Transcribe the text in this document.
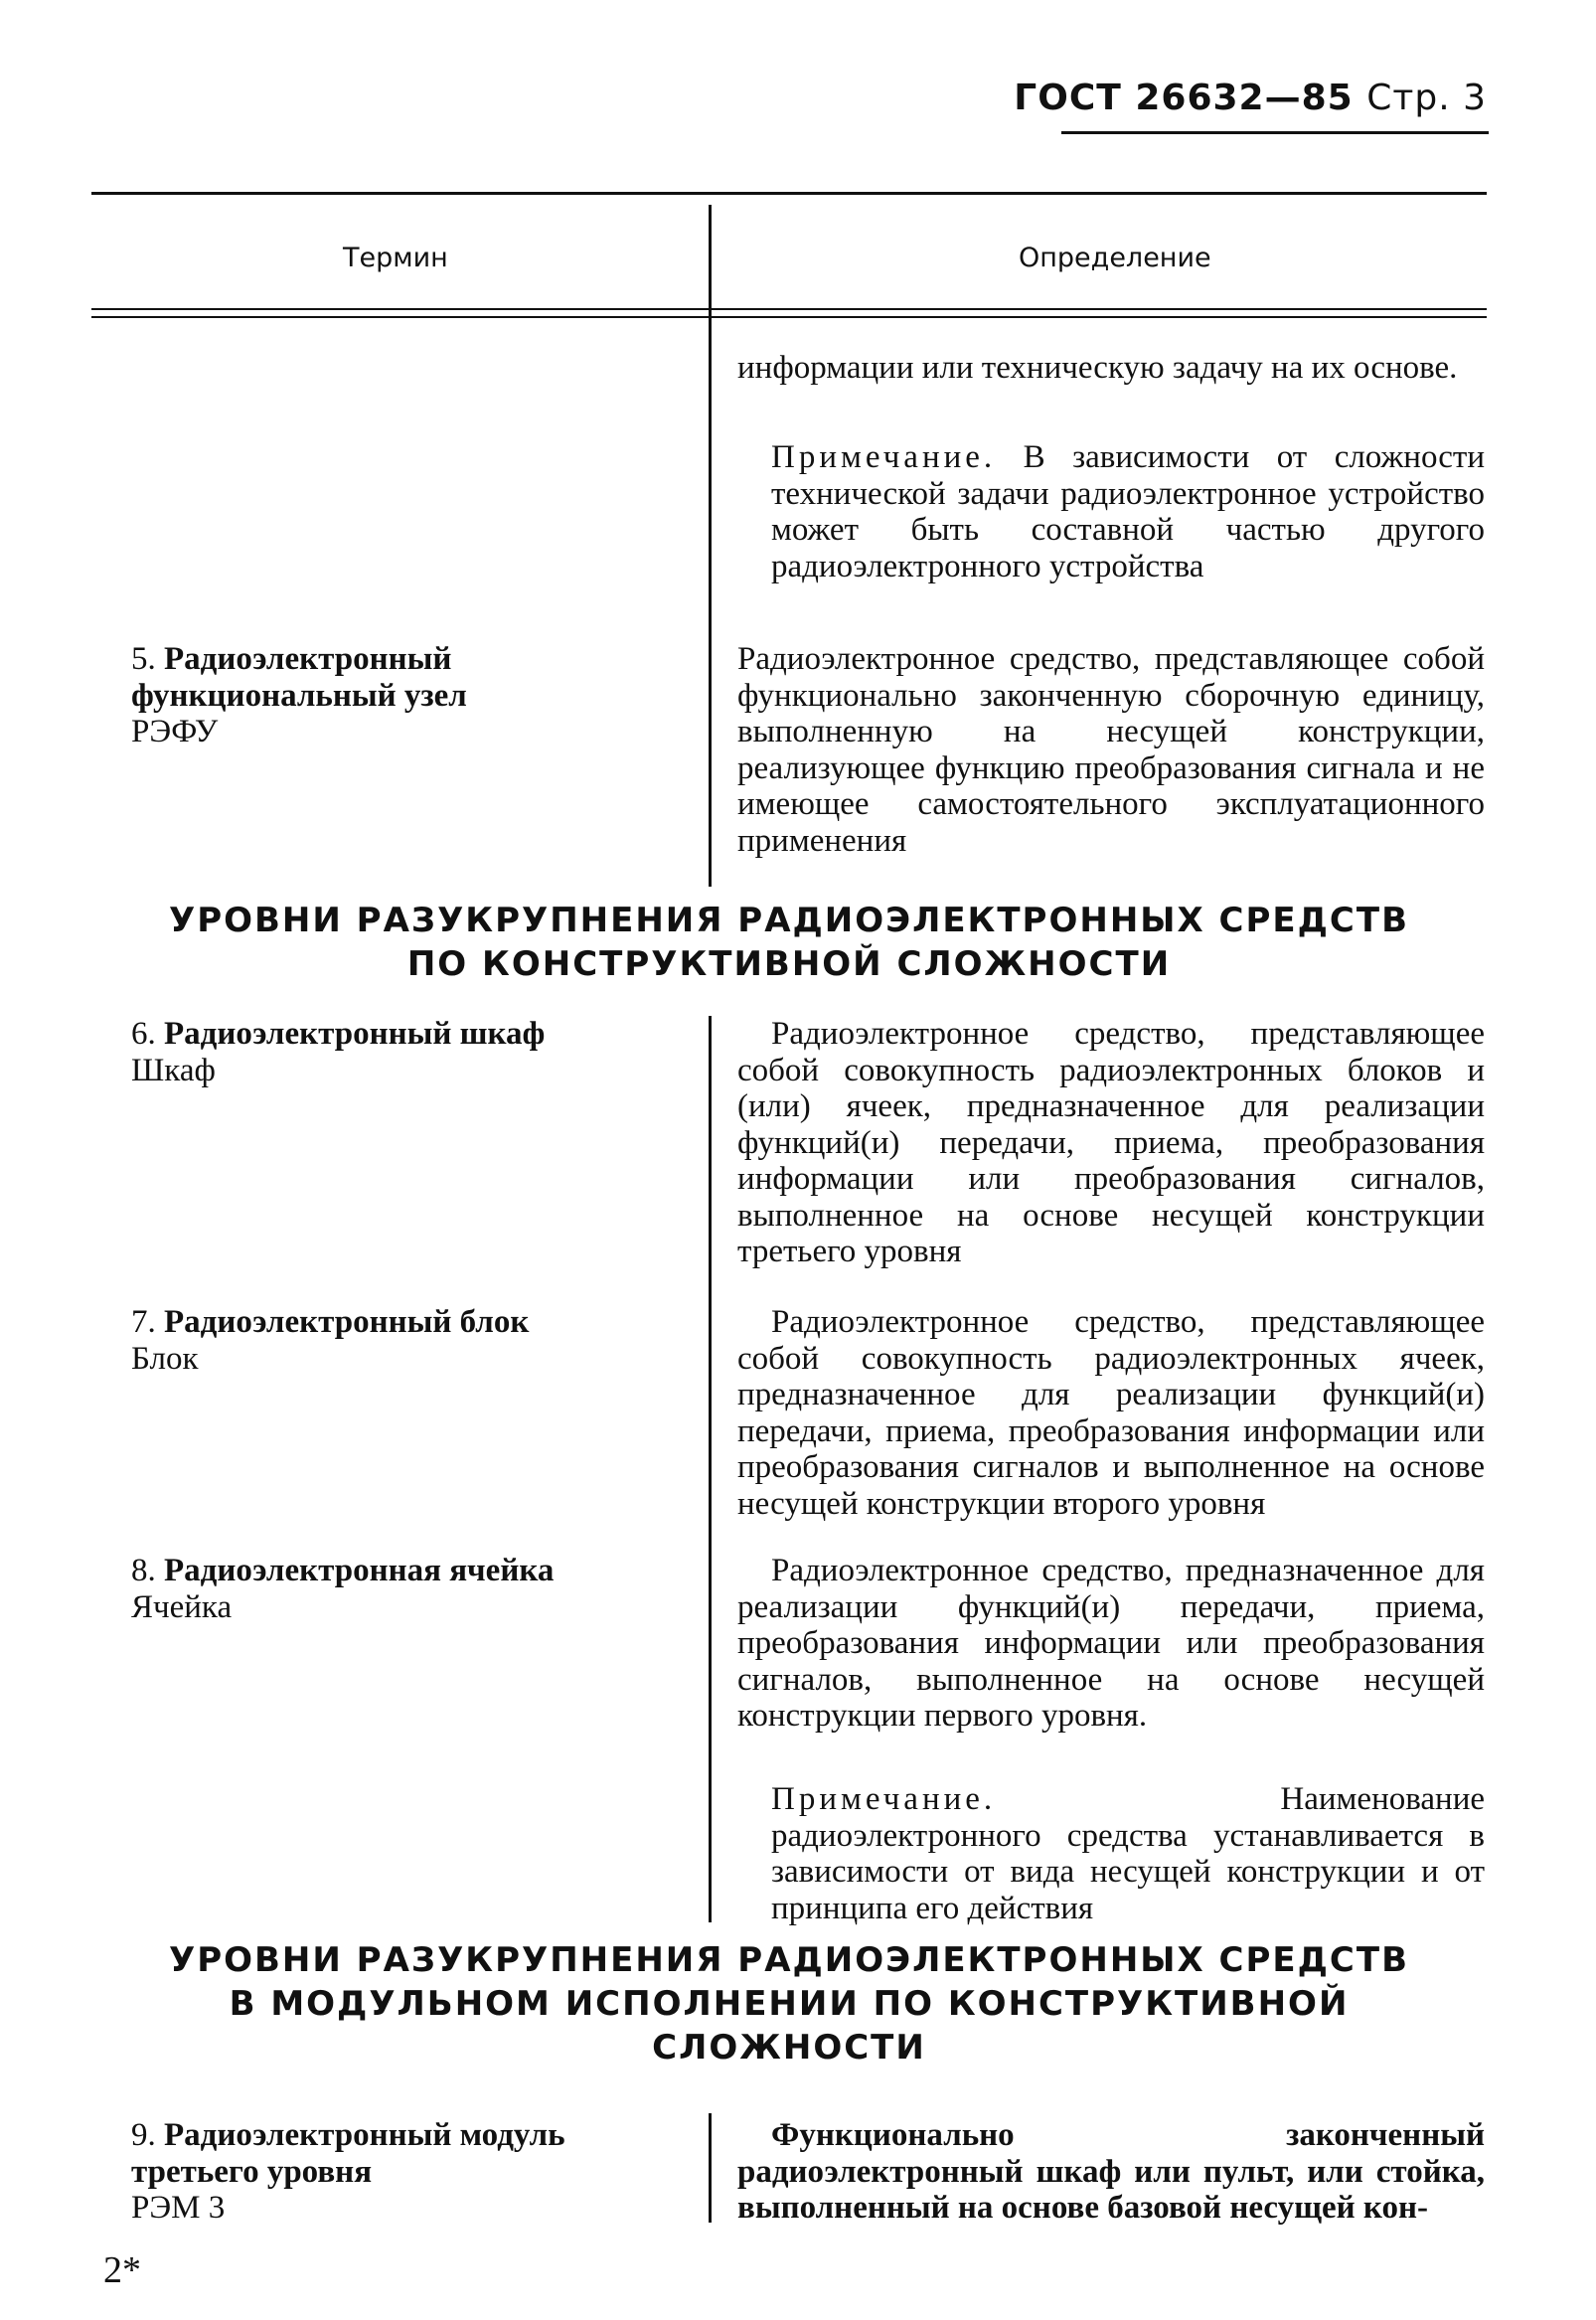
ГОСТ 26632—85 Стр. 3
Термин	Определение
информации или техническую задачу на их основе.
Примечание. В зависимости от сложности технической задачи радиоэлектронное устройство может быть составной частью другого радиоэлектронного устройства
5. Радиоэлектронный функциональный узел
РЭФУ
Радиоэлектронное средство, представляющее собой функционально законченную сборочную единицу, выполненную на несущей конструкции, реализующее функцию преобразования сигнала и не имеющее самостоятельного эксплуатационного применения
УРОВНИ РАЗУКРУПНЕНИЯ РАДИОЭЛЕКТРОННЫХ СРЕДСТВ
ПО КОНСТРУКТИВНОЙ СЛОЖНОСТИ
6. Радиоэлектронный шкаф
Шкаф
Радиоэлектронное средство, представляющее собой совокупность радиоэлектронных блоков и (или) ячеек, предназначенное для реализации функций(и) передачи, приема, преобразования информации или преобразования сигналов, выполненное на основе несущей конструкции третьего уровня
7. Радиоэлектронный блок
Блок
Радиоэлектронное средство, представляющее собой совокупность радиоэлектронных ячеек, предназначенное для реализации функций(и) передачи, приема, преобразования информации или преобразования сигналов и выполненное на основе несущей конструкции второго уровня
8. Радиоэлектронная ячейка
Ячейка
Радиоэлектронное средство, предназначенное для реализации функций(и) передачи, приема, преобразования информации или преобразования сигналов, выполненное на основе несущей конструкции первого уровня.
Примечание.	Наименование радиоэлектронного средства устанавливается в зависимости от вида несущей конструкции и от принципа его действия
УРОВНИ РАЗУКРУПНЕНИЯ РАДИОЭЛЕКТРОННЫХ СРЕДСТВ
В МОДУЛЬНОМ ИСПОЛНЕНИИ ПО КОНСТРУКТИВНОЙ
СЛОЖНОСТИ
9. Радиоэлектронный модуль третьего уровня
РЭМ 3
Функционально законченный радиоэлектронный шкаф или пульт, или стойка, выполненный на основе базовой несущей кон-
2*
